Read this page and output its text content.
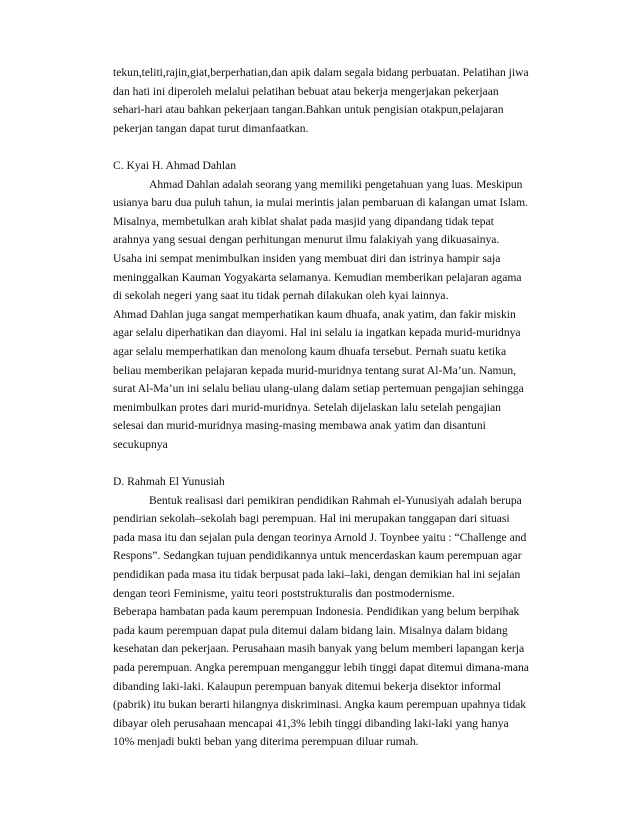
tekun,teliti,rajin,giat,berperhatian,dan apik dalam segala bidang perbuatan. Pelatihan jiwa
dan hati ini diperoleh melalui pelatihan bebuat atau bekerja mengerjakan pekerjaan
sehari-hari atau bahkan pekerjaan tangan.Bahkan untuk pengisian otakpun,pelajaran
pekerjan tangan dapat turut dimanfaatkan.
C. Kyai H. Ahmad Dahlan
Ahmad Dahlan adalah seorang yang memiliki pengetahuan yang luas. Meskipun
usianya baru dua puluh tahun, ia mulai merintis jalan pembaruan di kalangan umat Islam.
Misalnya, membetulkan arah kiblat shalat pada masjid yang dipandang tidak tepat
arahnya yang sesuai dengan perhitungan menurut ilmu falakiyah yang dikuasainya.
Usaha ini sempat menimbulkan insiden yang membuat diri dan istrinya hampir saja
meninggalkan Kauman Yogyakarta selamanya. Kemudian memberikan pelajaran agama
di sekolah negeri yang saat itu tidak pernah dilakukan oleh kyai lainnya.
Ahmad Dahlan juga sangat memperhatikan kaum dhuafa, anak yatim, dan fakir miskin
agar selalu diperhatikan dan diayomi. Hal ini selalu ia ingatkan kepada murid-muridnya
agar selalu memperhatikan dan menolong kaum dhuafa tersebut. Pernah suatu ketika
beliau memberikan pelajaran kepada murid-muridnya tentang surat Al-Ma’un. Namun,
surat Al-Ma’un ini selalu beliau ulang-ulang dalam setiap pertemuan pengajian sehingga
menimbulkan protes dari murid-muridnya. Setelah dijelaskan lalu setelah pengajian
selesai dan murid-muridnya masing-masing membawa anak yatim dan disantuni
secukupnya
D. Rahmah El Yunusiah
Bentuk realisasi dari pemikiran pendidikan Rahmah el-Yunusiyah adalah berupa
pendirian sekolah–sekolah bagi perempuan. Hal ini merupakan tanggapan dari situasi
pada masa itu dan sejalan pula dengan teorinya Arnold J. Toynbee yaitu : “Challenge and
Respons”. Sedangkan tujuan pendidikannya untuk mencerdaskan kaum perempuan agar
pendidikan pada masa itu tidak berpusat pada laki–laki, dengan demikian hal ini sejalan
dengan teori Feminisme, yaitu teori poststrukturalis dan postmodernisme.
Beberapa hambatan pada kaum perempuan Indonesia. Pendidikan yang belum berpihak
pada kaum perempuan dapat pula ditemui dalam bidang lain. Misalnya dalam bidang
kesehatan dan pekerjaan. Perusahaan masih banyak yang belum memberi lapangan kerja
pada perempuan. Angka perempuan menganggur lebih tinggi dapat ditemui dimana-mana
dibanding laki-laki. Kalaupun perempuan banyak ditemui bekerja disektor informal
(pabrik) itu bukan berarti hilangnya diskriminasi. Angka kaum perempuan upahnya tidak
dibayar oleh perusahaan mencapai 41,3% lebih tinggi dibanding laki-laki yang hanya
10% menjadi bukti beban yang diterima perempuan diluar rumah.
